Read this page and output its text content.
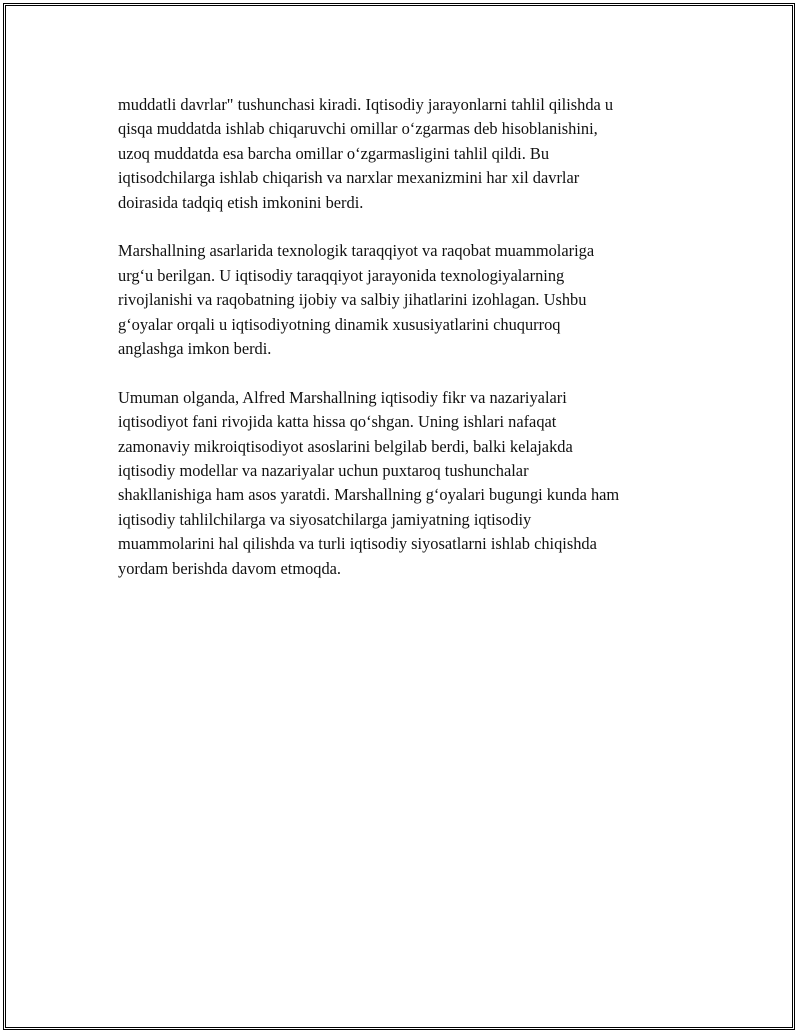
muddatli davrlar" tushunchasi kiradi. Iqtisodiy jarayonlarni tahlil qilishda u
qisqa muddatda ishlab chiqaruvchi omillar o‘zgarmas deb hisoblanishini,
uzoq muddatda esa barcha omillar o‘zgarmasligini tahlil qildi. Bu
iqtisodchilarga ishlab chiqarish va narxlar mexanizmini har xil davrlar
doirasida tadqiq etish imkonini berdi.

Marshallning asarlarida texnologik taraqqiyot va raqobat muammolariga
urg‘u berilgan. U iqtisodiy taraqqiyot jarayonida texnologiyalarning
rivojlanishi va raqobatning ijobiy va salbiy jihatlarini izohlagan. Ushbu
g‘oyalar orqali u iqtisodiyotning dinamik xususiyatlarini chuqurroq
anglashga imkon berdi.

Umuman olganda, Alfred Marshallning iqtisodiy fikr va nazariyalari
iqtisodiyot fani rivojida katta hissa qo‘shgan. Uning ishlari nafaqat
zamonaviy mikroiqtisodiyot asoslarini belgilab berdi, balki kelajakda
iqtisodiy modellar va nazariyalar uchun puxtaroq tushunchalar
shakllanishiga ham asos yaratdi. Marshallning g‘oyalari bugungi kunda ham
iqtisodiy tahlilchilarga va siyosatchilarga jamiyatning iqtisodiy
muammolarini hal qilishda va turli iqtisodiy siyosatlarni ishlab chiqishda
yordam berishda davom etmoqda.
